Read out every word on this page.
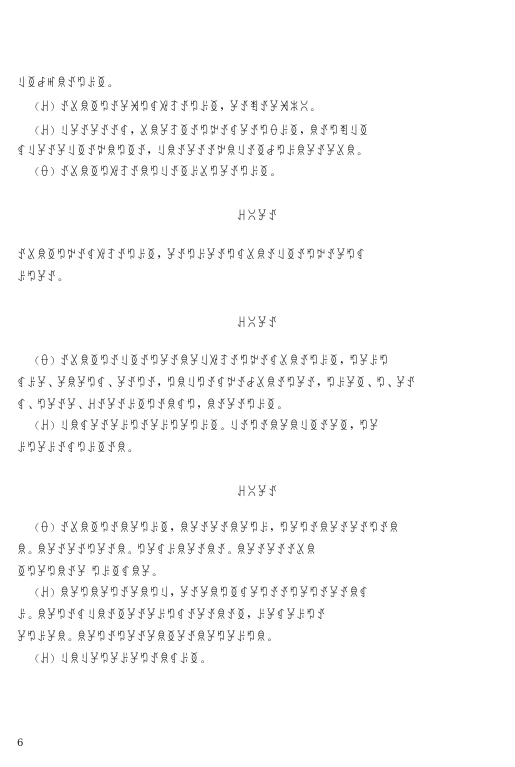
ꆹꅉꆀꎭꌋꀋꑳꌠꅉ。
（ꃅ）ꀋꊪꌋꅉꑳꀋꐯꈀꑳꁍꑞꆈꀋꑳꌠꅉ，ꐯꀋꄮꀋꐯꈀꍝꇤ。
（ꃅ）ꆹꐯꀋꐯꀋꀋꁍ，ꊪꌋꐯꆈꅉꀋꑳꉢꀋꁍꐯꀋꑳꂷꌠꅉ，ꌋꀋꑳꄮꆹꅉ
ꁍꆹꐯꀋꐯꆹꅉꀋꉢꌋꑳꅉꀋ，ꆹꌋꀋꐯꀋꀋꉢꌋꆹꀋꅉꆀꑳꌠꌋꐯꀋꐯꊪꌋ。
（ꂷ）ꀋꊪꌋꅉꑳꑞꆈꀋꌋꑳꆹꀋꅉꌠꊪꑳꐯꀋꑳꌠꅉ。
ꃅꇤꐯꀋ
ꀋꊪꌋꅉꑳꉢꀋꁍꑞꆈꀋꑳꌠꅉ，ꐯꀋꑳꌠꐯꀋꑳꁍꊪꌋꀋꆹꅉꀋꑳꉢꀋꐯꑳꁍ
ꌠꑳꐯꀋ。
ꃅꇤꐯꀋ
（ꂷ）ꀋꊪꌋꅉꑳꀋꆹꅉꀋꑳꐯꀋꌋꐯꆹꑞꆈꀋꑳꉢꀋꁍꊪꌋꀋꑳꌠꅉ，ꑳꐯꌠꑳ
ꁍꌠꐯ、ꐯꌋꐯꑳꁍ、ꐯꀋꑳꀋ，ꑳꌋꆹꑳꀋꁍꉢꀋꆀꊪꌋꀋꑳꐯꀋ，ꑳꌠꐯꅉ、ꑳ、ꐯꀋ
ꁍ、ꑳꐯꀋꐯ、ꃅꀋꐯꀋꌠꅉꑳꀋꌋꁍꑳ，ꌋꀋꐯꀋꑳꌠꅉ。
（ꃅ）ꆹꌋꁍꐯꀋꐯꌠꑳꀋꐯꌠꑳꐯꑳꌠꅉ。ꆹꀋꑳꀋꌋꐯꌋꆹꅉꀋꐯꅉ，ꑳꐯ
ꌠꑳꐯꌠꀋꁍꑳꌠꅉꀋꌋ。
ꃅꇤꐯꀋ
（ꂷ）ꀋꊪꌋꅉꑳꀋꌋꐯꑳꌠꅉ，ꌋꐯꀋꐯꀋꌋꐯꑳꌠ，ꑳꐯꑳꀋꌋꐯꀋꐯꀋꑳꀋꌋ
ꌋ。ꌋꐯꀋꐯꀋꑳꐯꀋꌋ。ꑳꐯꁍꌠꌋꐯꀋꌋꀋ。ꌋꐯꀋꐯꀋꀋꊪꌋ
ꅉꑳꐯꑳꌋꀋꐯ ꑳꌠꅉꁍꌋꐯ。
（ꃅ）ꌋꐯꑳꌋꐯꑳꀋꐯꌋꑳꆹ，ꐯꀋꐯꌋꑳꅉꁍꐯꑳꀋꀋꑳꐯꑳꀋꐯꀋꌋꁍ
ꌠ。ꌋꐯꑳꀋꁍꆹꌋꀋꅉꐯꀋꐯꌠꑳꁍꀋꐯꀋꌋꀋꅉ，ꌠꐯꁍꐯꌠꑳꀋ
ꐯꑳꌠꐯꌋ。ꌋꐯꑳꀋꑳꐯꀋꐯꌋꅉꐯꀋꌋꐯꑳꐯꌠꑳꌋ。
（ꃅ）ꆹꌋꆹꐯꑳꐯꌠꐯꑳꀋꌋꁍꌠꅉ。
6
